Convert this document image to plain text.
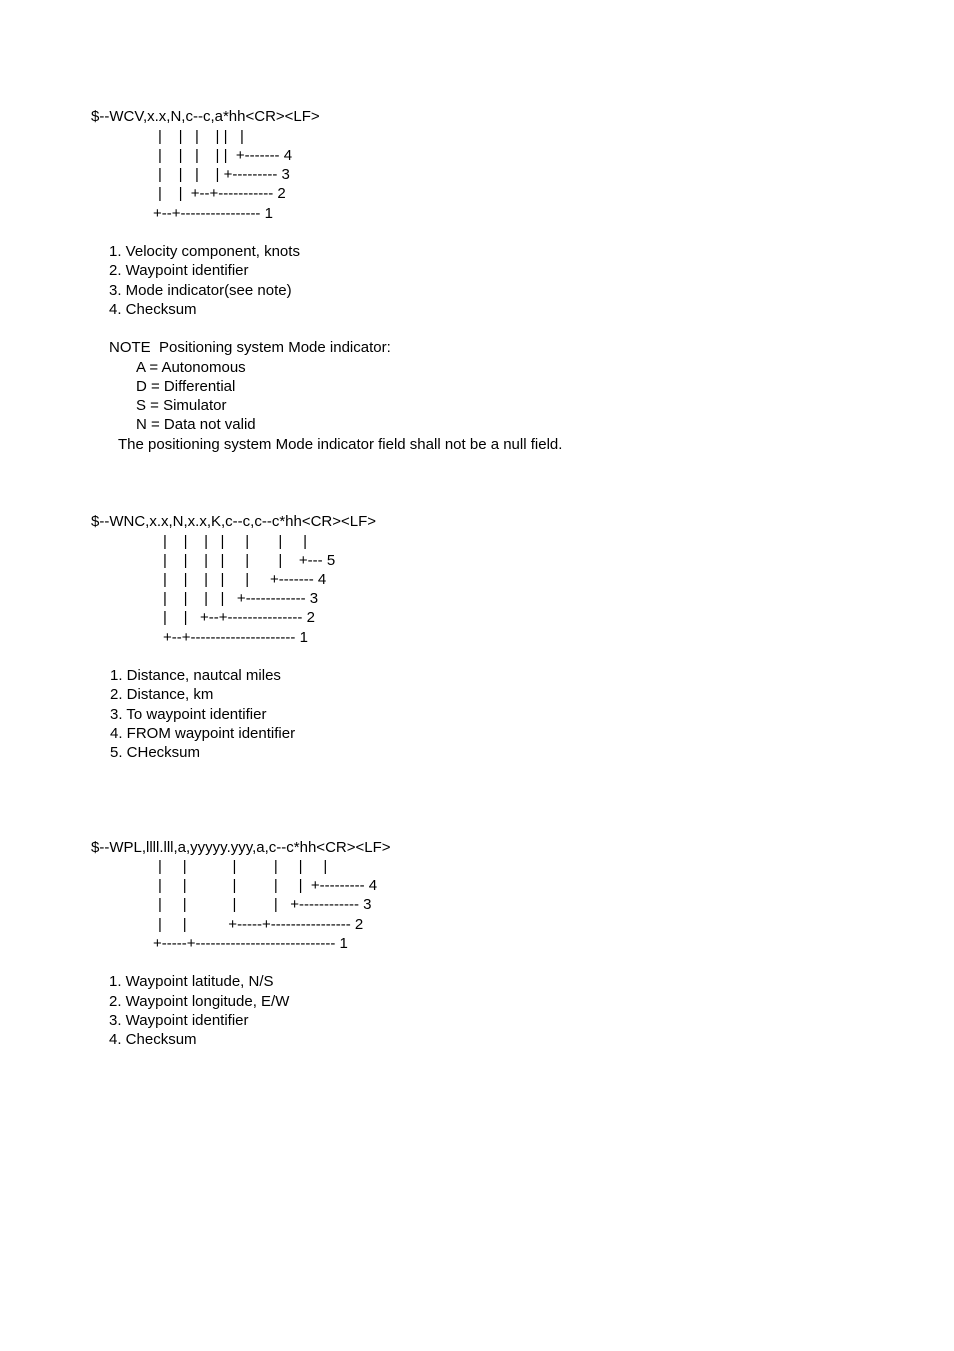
$--WCV,x.x,N,c--c,a*hh<CR><LF>
|    |   |    | |   |
|    |   |    | |  +------- 4
|    |   |    | +--------- 3
|    |  +--+----------- 2
+--+---------------- 1
1. Velocity component, knots
2. Waypoint identifier
3. Mode indicator(see note)
4. Checksum
NOTE  Positioning system Mode indicator:
A = Autonomous
D = Differential
S = Simulator
N = Data not valid
The positioning system Mode indicator field shall not be a null field.
$--WNC,x.x,N,x.x,K,c--c,c--c*hh<CR><LF>
|    |    |   |     |       |     |
|    |    |   |     |       |    +--- 5
|    |    |   |     |     +------- 4
|    |    |   |   +------------ 3
|    |   +--+--------------- 2
+--+--------------------- 1
1. Distance, nautcal miles
2. Distance, km
3. To waypoint identifier
4. FROM waypoint identifier
5. CHecksum
$--WPL,llll.lll,a,yyyyy.yyy,a,c--c*hh<CR><LF>
|     |           |         |     |     |
|     |           |         |     |  +--------- 4
|     |           |         |   +------------ 3
|     |          +-----+---------------- 2
+-----+---------------------------- 1
1. Waypoint latitude, N/S
2. Waypoint longitude, E/W
3. Waypoint identifier
4. Checksum
